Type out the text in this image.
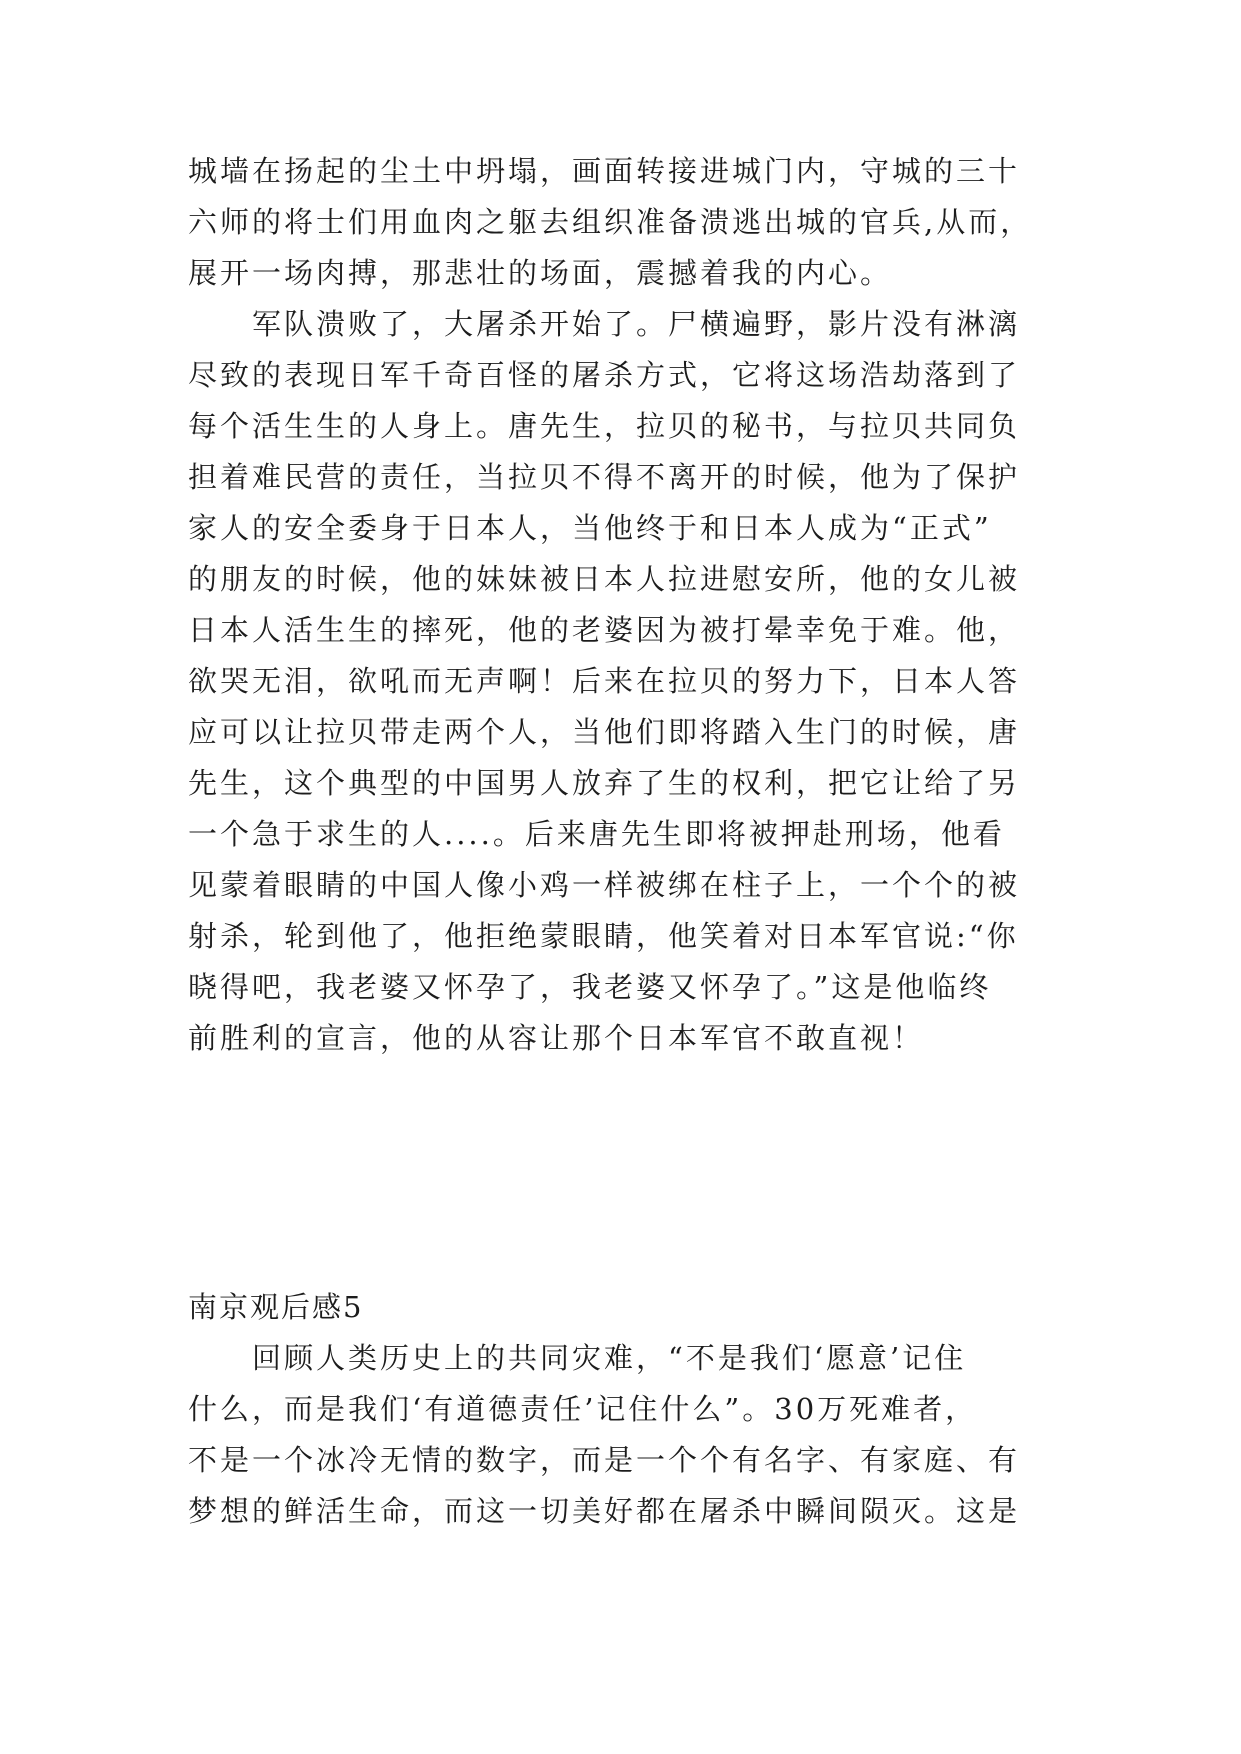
城墙在扬起的尘土中坍塌，画面转接进城门内，守城的三十
六师的将士们用血肉之躯去组织准备溃逃出城的官兵,从而，
展开一场肉搏，那悲壮的场面，震撼着我的内心。
　　军队溃败了，大屠杀开始了。尸横遍野，影片没有淋漓
尽致的表现日军千奇百怪的屠杀方式，它将这场浩劫落到了
每个活生生的人身上。唐先生，拉贝的秘书，与拉贝共同负
担着难民营的责任，当拉贝不得不离开的时候，他为了保护
家人的安全委身于日本人，当他终于和日本人成为“正式”
的朋友的时候，他的妹妹被日本人拉进慰安所，他的女儿被
日本人活生生的摔死，他的老婆因为被打晕幸免于难。他，
欲哭无泪，欲吼而无声啊！后来在拉贝的努力下，日本人答
应可以让拉贝带走两个人，当他们即将踏入生门的时候，唐
先生，这个典型的中国男人放弃了生的权利，把它让给了另
一个急于求生的人....。后来唐先生即将被押赴刑场，他看
见蒙着眼睛的中国人像小鸡一样被绑在柱子上，一个个的被
射杀，轮到他了，他拒绝蒙眼睛，他笑着对日本军官说:“你
晓得吧，我老婆又怀孕了，我老婆又怀孕了。”这是他临终
前胜利的宣言，他的从容让那个日本军官不敢直视！
南京观后感5
　　回顾人类历史上的共同灾难，“不是我们‘愿意’记住
什么，而是我们‘有道德责任’记住什么”。30万死难者，
不是一个冰冷无情的数字，而是一个个有名字、有家庭、有
梦想的鲜活生命，而这一切美好都在屠杀中瞬间陨灭。这是
